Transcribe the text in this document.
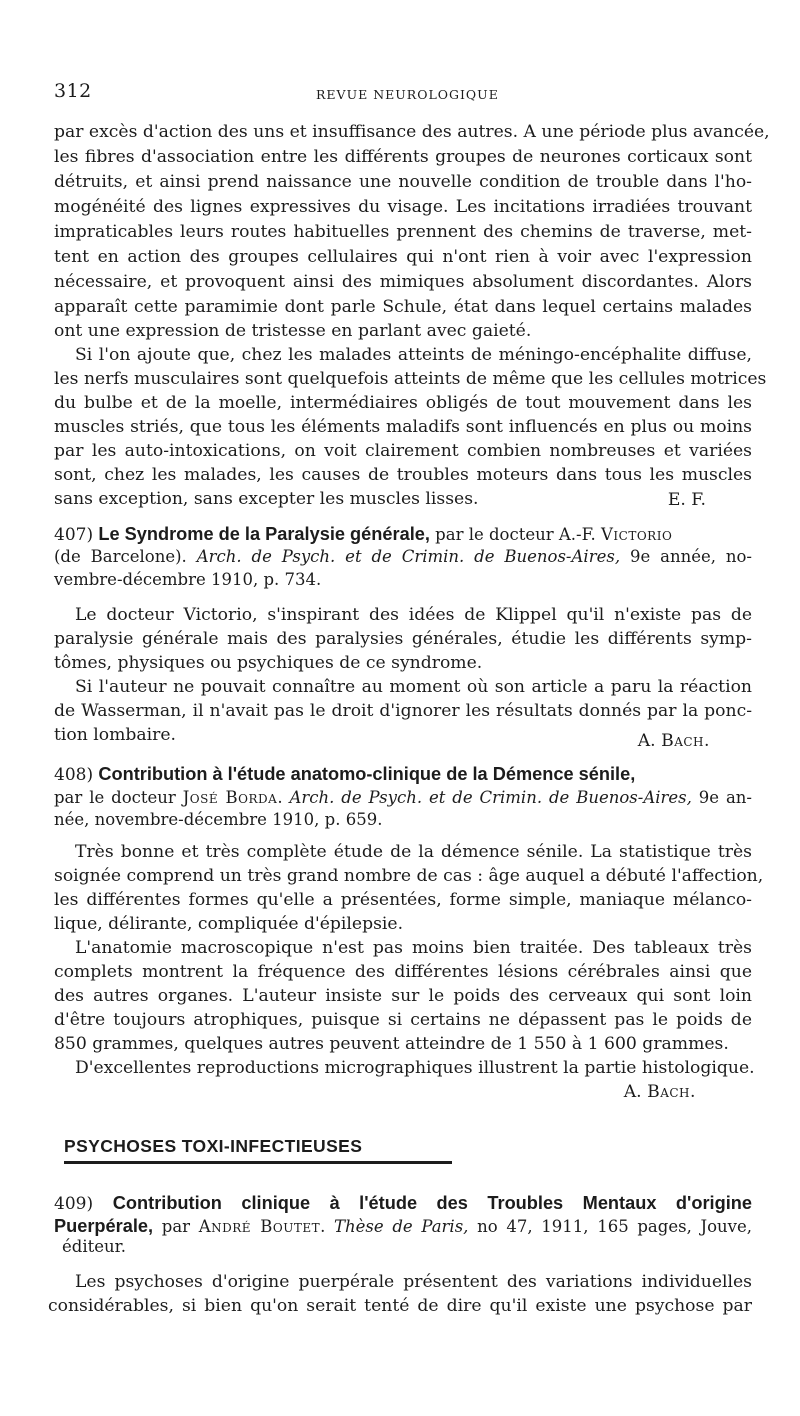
312	REVUE NEUROLOGIQUE
par excès d'action des uns et insuffisance des autres. A une période plus avancée,
les fibres d'association entre les différents groupes de neurones corticaux sont
détruits, et ainsi prend naissance une nouvelle condition de trouble dans l'ho-
mogénéité des lignes expressives du visage. Les incitations irradiées trouvant
impraticables leurs routes habituelles prennent des chemins de traverse, met-
tent en action des groupes cellulaires qui n'ont rien à voir avec l'expression
nécessaire, et provoquent ainsi des mimiques absolument discordantes. Alors
apparaît cette paramimie dont parle Schule, état dans lequel certains malades
ont une expression de tristesse en parlant avec gaieté.
Si l'on ajoute que, chez les malades atteints de méningo-encéphalite diffuse,
les nerfs musculaires sont quelquefois atteints de même que les cellules motrices
du bulbe et de la moelle, intermédiaires obligés de tout mouvement dans les
muscles striés, que tous les éléments maladifs sont influencés en plus ou moins
par les auto-intoxications, on voit clairement combien nombreuses et variées
sont, chez les malades, les causes de troubles moteurs dans tous les muscles
sans exception, sans excepter les muscles lisses.	E. F.
407) Le Syndrome de la Paralysie générale, par le docteur A.-F. Victorio
(de Barcelone). Arch. de Psych. et de Crimin. de Buenos-Aires, 9e année, no-
vembre-décembre 1910, p. 734.
Le docteur Victorio, s'inspirant des idées de Klippel qu'il n'existe pas de
paralysie générale mais des paralysies générales, étudie les différents symp-
tômes, physiques ou psychiques de ce syndrome.
Si l'auteur ne pouvait connaître au moment où son article a paru la réaction
de Wasserman, il n'avait pas le droit d'ignorer les résultats donnés par la ponc-
tion lombaire.	A. Bach.
408) Contribution à l'étude anatomo-clinique de la Démence sénile,
par le docteur José Borda. Arch. de Psych. et de Crimin. de Buenos-Aires, 9e an-
née, novembre-décembre 1910, p. 659.
Très bonne et très complète étude de la démence sénile. La statistique très
soignée comprend un très grand nombre de cas : âge auquel a débuté l'affection,
les différentes formes qu'elle a présentées, forme simple, maniaque mélanco-
lique, délirante, compliquée d'épilepsie.
L'anatomie macroscopique n'est pas moins bien traitée. Des tableaux très
complets montrent la fréquence des différentes lésions cérébrales ainsi que
des autres organes. L'auteur insiste sur le poids des cerveaux qui sont loin
d'être toujours atrophiques, puisque si certains ne dépassent pas le poids de
850 grammes, quelques autres peuvent atteindre de 1 550 à 1 600 grammes.
D'excellentes reproductions micrographiques illustrent la partie histologique.
A. Bach.
PSYCHOSES TOXI-INFECTIEUSES
409) Contribution clinique à l'étude des Troubles Mentaux d'origine
Puerpérale, par André Boutet. Thèse de Paris, no 47, 1911, 165 pages, Jouve,
éditeur.
Les psychoses d'origine puerpérale présentent des variations individuelles
considérables, si bien qu'on serait tenté de dire qu'il existe une psychose par
